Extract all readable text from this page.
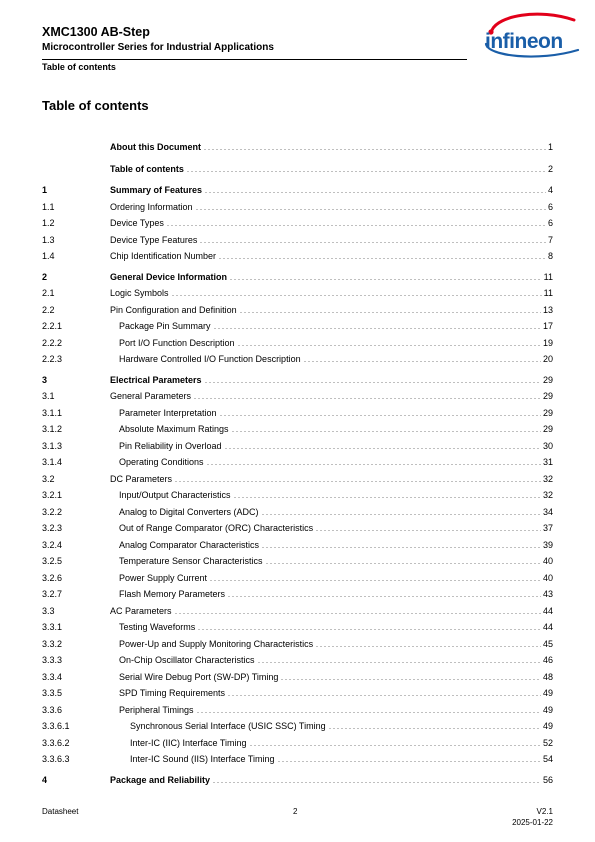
XMC1300 AB-Step
Microcontroller Series for Industrial Applications
Table of contents
infineon
Table of contents
About this Document	1
Table of contents	2
1	Summary of Features	4
1.1	Ordering Information	6
1.2	Device Types	6
1.3	Device Type Features	7
1.4	Chip Identification Number	8
2	General Device Information	11
2.1	Logic Symbols	11
2.2	Pin Configuration and Definition	13
2.2.1	Package Pin Summary	17
2.2.2	Port I/O Function Description	19
2.2.3	Hardware Controlled I/O Function Description	20
3	Electrical Parameters	29
3.1	General Parameters	29
3.1.1	Parameter Interpretation	29
3.1.2	Absolute Maximum Ratings	29
3.1.3	Pin Reliability in Overload	30
3.1.4	Operating Conditions	31
3.2	DC Parameters	32
3.2.1	Input/Output Characteristics	32
3.2.2	Analog to Digital Converters (ADC)	34
3.2.3	Out of Range Comparator (ORC) Characteristics	37
3.2.4	Analog Comparator Characteristics	39
3.2.5	Temperature Sensor Characteristics	40
3.2.6	Power Supply Current	40
3.2.7	Flash Memory Parameters	43
3.3	AC Parameters	44
3.3.1	Testing Waveforms	44
3.3.2	Power-Up and Supply Monitoring Characteristics	45
3.3.3	On-Chip Oscillator Characteristics	46
3.3.4	Serial Wire Debug Port (SW-DP) Timing	48
3.3.5	SPD Timing Requirements	49
3.3.6	Peripheral Timings	49
3.3.6.1	Synchronous Serial Interface (USIC SSC) Timing	49
3.3.6.2	Inter-IC (IIC) Interface Timing	52
3.3.6.3	Inter-IC Sound (IIS) Interface Timing	54
4	Package and Reliability	56
Datasheet	2	V2.1
2025-01-22
